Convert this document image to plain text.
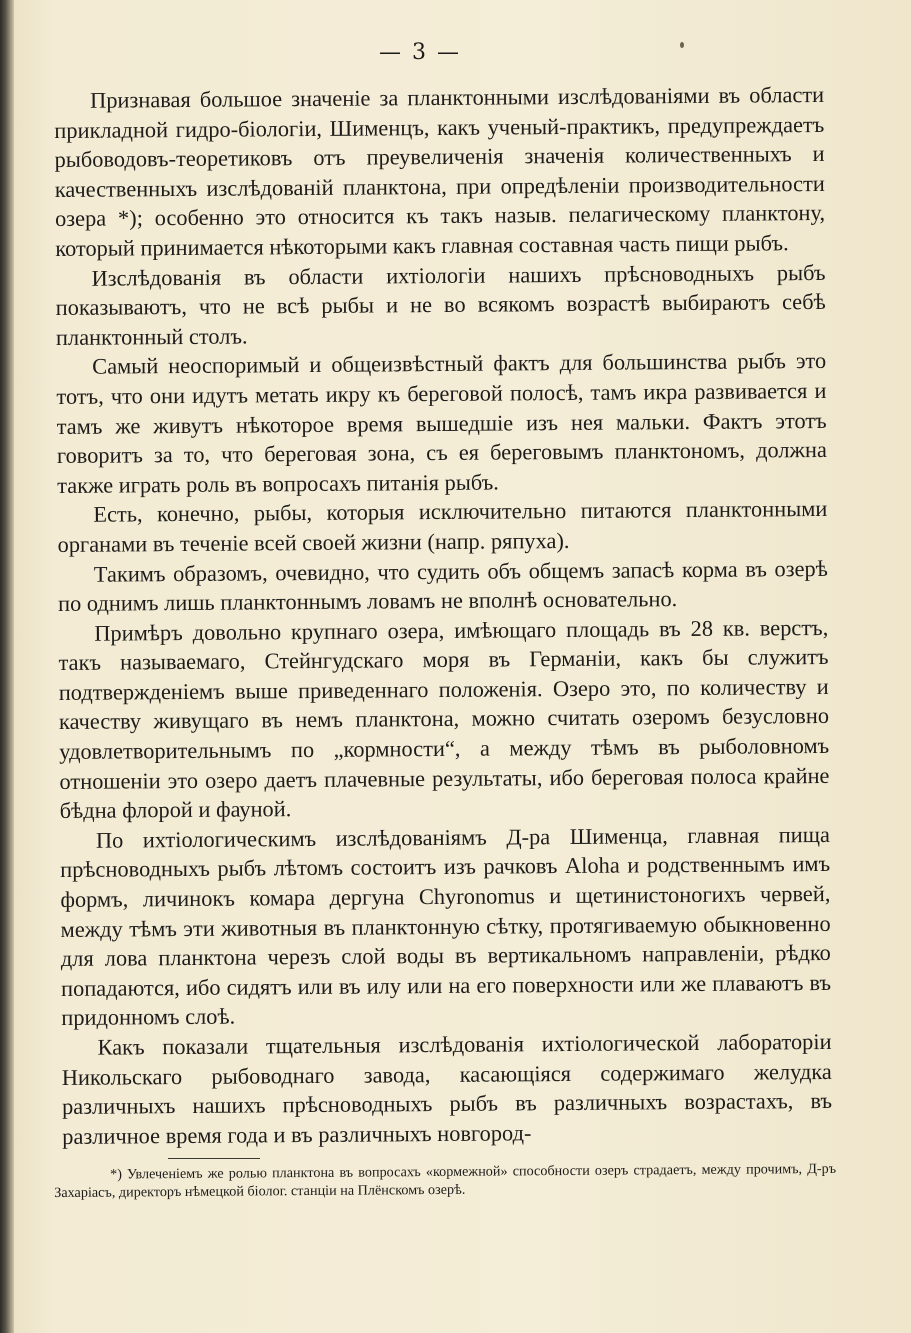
— 3 —

Признавая большое значеніе за планктонными изслѣдованіями въ области прикладной гидро-біологіи, Шименцъ, какъ ученый-практикъ, предупреждаетъ рыбоводовъ-теоретиковъ отъ преувеличенія значенія количественныхъ и качественныхъ изслѣдованій планктона, при опредѣленіи производительности озера *); особенно это относится къ такъ назыв. пелагическому планктону, который принимается нѣкоторыми какъ главная составная часть пищи рыбъ.

Изслѣдованія въ области ихтіологіи нашихъ прѣсноводныхъ рыбъ показываютъ, что не всѣ рыбы и не во всякомъ возрастѣ выбираютъ себѣ планктонный столъ.

Самый неоспоримый и общеизвѣстный фактъ для большинства рыбъ это тотъ, что они идутъ метать икру къ береговой полосѣ, тамъ икра развивается и тамъ же живутъ нѣкоторое время вышедшіе изъ нея мальки. Фактъ этотъ говоритъ за то, что береговая зона, съ ея береговымъ планктономъ, должна также играть роль въ вопросахъ питанія рыбъ.

Есть, конечно, рыбы, которыя исключительно питаются планктонными органами въ теченіе всей своей жизни (напр. ряпуха).

Такимъ образомъ, очевидно, что судить объ общемъ запасѣ корма въ озерѣ по однимъ лишь планктоннымъ ловамъ не вполнѣ основательно.

Примѣръ довольно крупнаго озера, имѣющаго площадь въ 28 кв. верстъ, такъ называемаго, Стейнгудскаго моря въ Германіи, какъ бы служитъ подтвержденіемъ выше приведеннаго положенія. Озеро это, по количеству и качеству живущаго въ немъ планктона, можно считать озеромъ безусловно удовлетворительнымъ по „кормности“, а между тѣмъ въ рыболовномъ отношеніи это озеро даетъ плачевные результаты, ибо береговая полоса крайне бѣдна флорой и фауной.

По ихтіологическимъ изслѣдованіямъ Д-ра Шименца, главная пища прѣсноводныхъ рыбъ лѣтомъ состоитъ изъ рачковъ Aloha и родственнымъ имъ формъ, личинокъ комара дергуна Chyronomus и щетинистоногихъ червей, между тѣмъ эти животныя въ планктонную сѣтку, протягиваемую обыкновенно для лова планктона черезъ слой воды въ вертикальномъ направленіи, рѣдко попадаются, ибо сидятъ или въ илу или на его поверхности или же плаваютъ въ придонномъ слоѣ.

Какъ показали тщательныя изслѣдованія ихтіологической лабораторіи Никольскаго рыбоводнаго завода, касающіяся содержимаго желудка различныхъ нашихъ прѣсноводныхъ рыбъ въ различныхъ возрастахъ, въ различное время года и въ различныхъ новгород-

*) Увлеченіемъ же ролью планктона въ вопросахъ «кормежной» способности озеръ страдаетъ, между прочимъ, Д-ръ Захаріасъ, директоръ нѣмецкой біолог. станціи на Плёнскомъ озерѣ.
